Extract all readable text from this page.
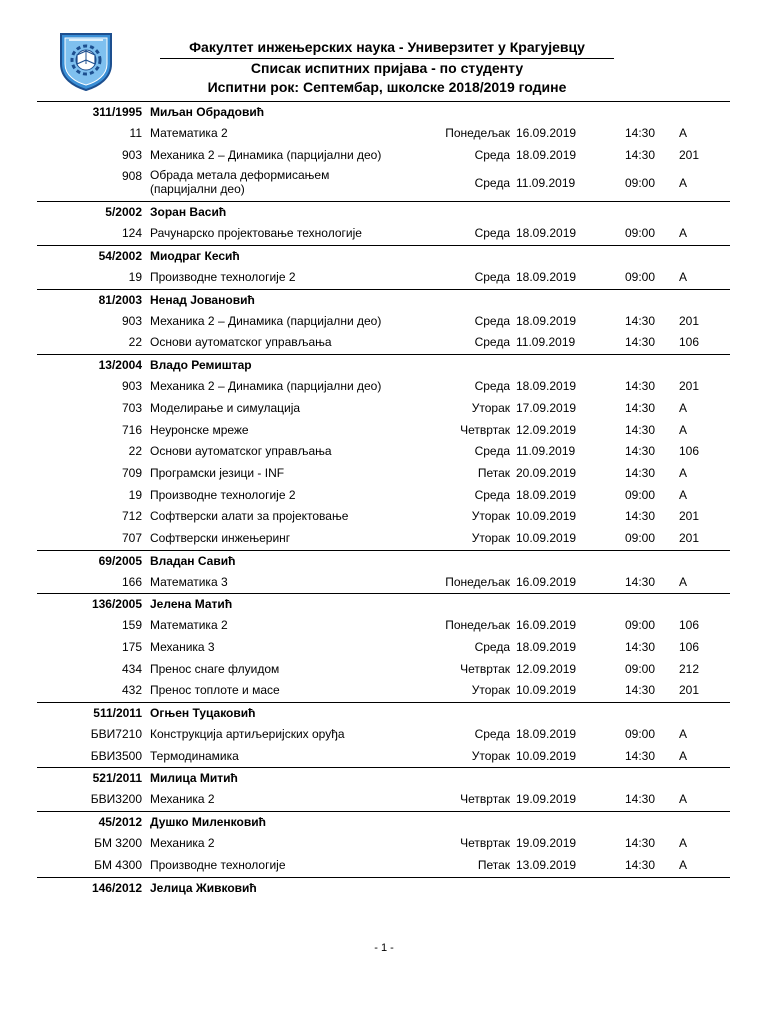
Факултет инжењерских наука - Универзитет у Крагујевцу
Списак испитних пријава - по студенту
Испитни рок: Септембар, школске 2018/2019 године
311/1995 Миљан Обрадовић
11 Математика 2	Понедељак 16.09.2019	14:30 A
903 Механика 2 – Динамика (парцијални део)	Среда 18.09.2019	14:30 201
908 Обрада метала деформисањем (парцијални део)	Среда 11.09.2019	09:00 A
5/2002 Зоран Васић
124 Рачунарско пројектовање технологије	Среда 18.09.2019	09:00 A
54/2002 Миодраг Кесић
19 Производне технологије 2	Среда 18.09.2019	09:00 A
81/2003 Ненад Јовановић
903 Механика 2 – Динамика (парцијални део)	Среда 18.09.2019	14:30 201
22 Основи аутоматског управљања	Среда 11.09.2019	14:30 106
13/2004 Владо Ремиштар
903 Механика 2 – Динамика (парцијални део)	Среда 18.09.2019	14:30 201
703 Моделирање и симулација	Уторак 17.09.2019	14:30 A
716 Неуронске мреже	Четвртак 12.09.2019	14:30 A
22 Основи аутоматског управљања	Среда 11.09.2019	14:30 106
709 Програмски језици - INF	Петак 20.09.2019	14:30 A
19 Производне технологије 2	Среда 18.09.2019	09:00 A
712 Софтверски алати за пројектовање	Уторак 10.09.2019	14:30 201
707 Софтверски инжењеринг	Уторак 10.09.2019	09:00 201
69/2005 Владан Савић
166 Математика 3	Понедељак 16.09.2019	14:30 A
136/2005 Јелена Матић
159 Математика 2	Понедељак 16.09.2019	09:00 106
175 Механика 3	Среда 18.09.2019	14:30 106
434 Пренос снаге флуидом	Четвртак 12.09.2019	09:00 212
432 Пренос топлоте и масе	Уторак 10.09.2019	14:30 201
511/2011 Огњен Туцаковић
БВИ7210 Конструкција артиљеријских оруђа	Среда 18.09.2019	09:00 A
БВИ3500 Термодинамика	Уторак 10.09.2019	14:30 A
521/2011 Милица Митић
БВИ3200 Механика 2	Четвртак 19.09.2019	14:30 A
45/2012 Душко Миленковић
БМ 3200 Механика 2	Четвртак 19.09.2019	14:30 A
БМ 4300 Производне технологије	Петак 13.09.2019	14:30 A
146/2012 Јелица Живковић
- 1 -
